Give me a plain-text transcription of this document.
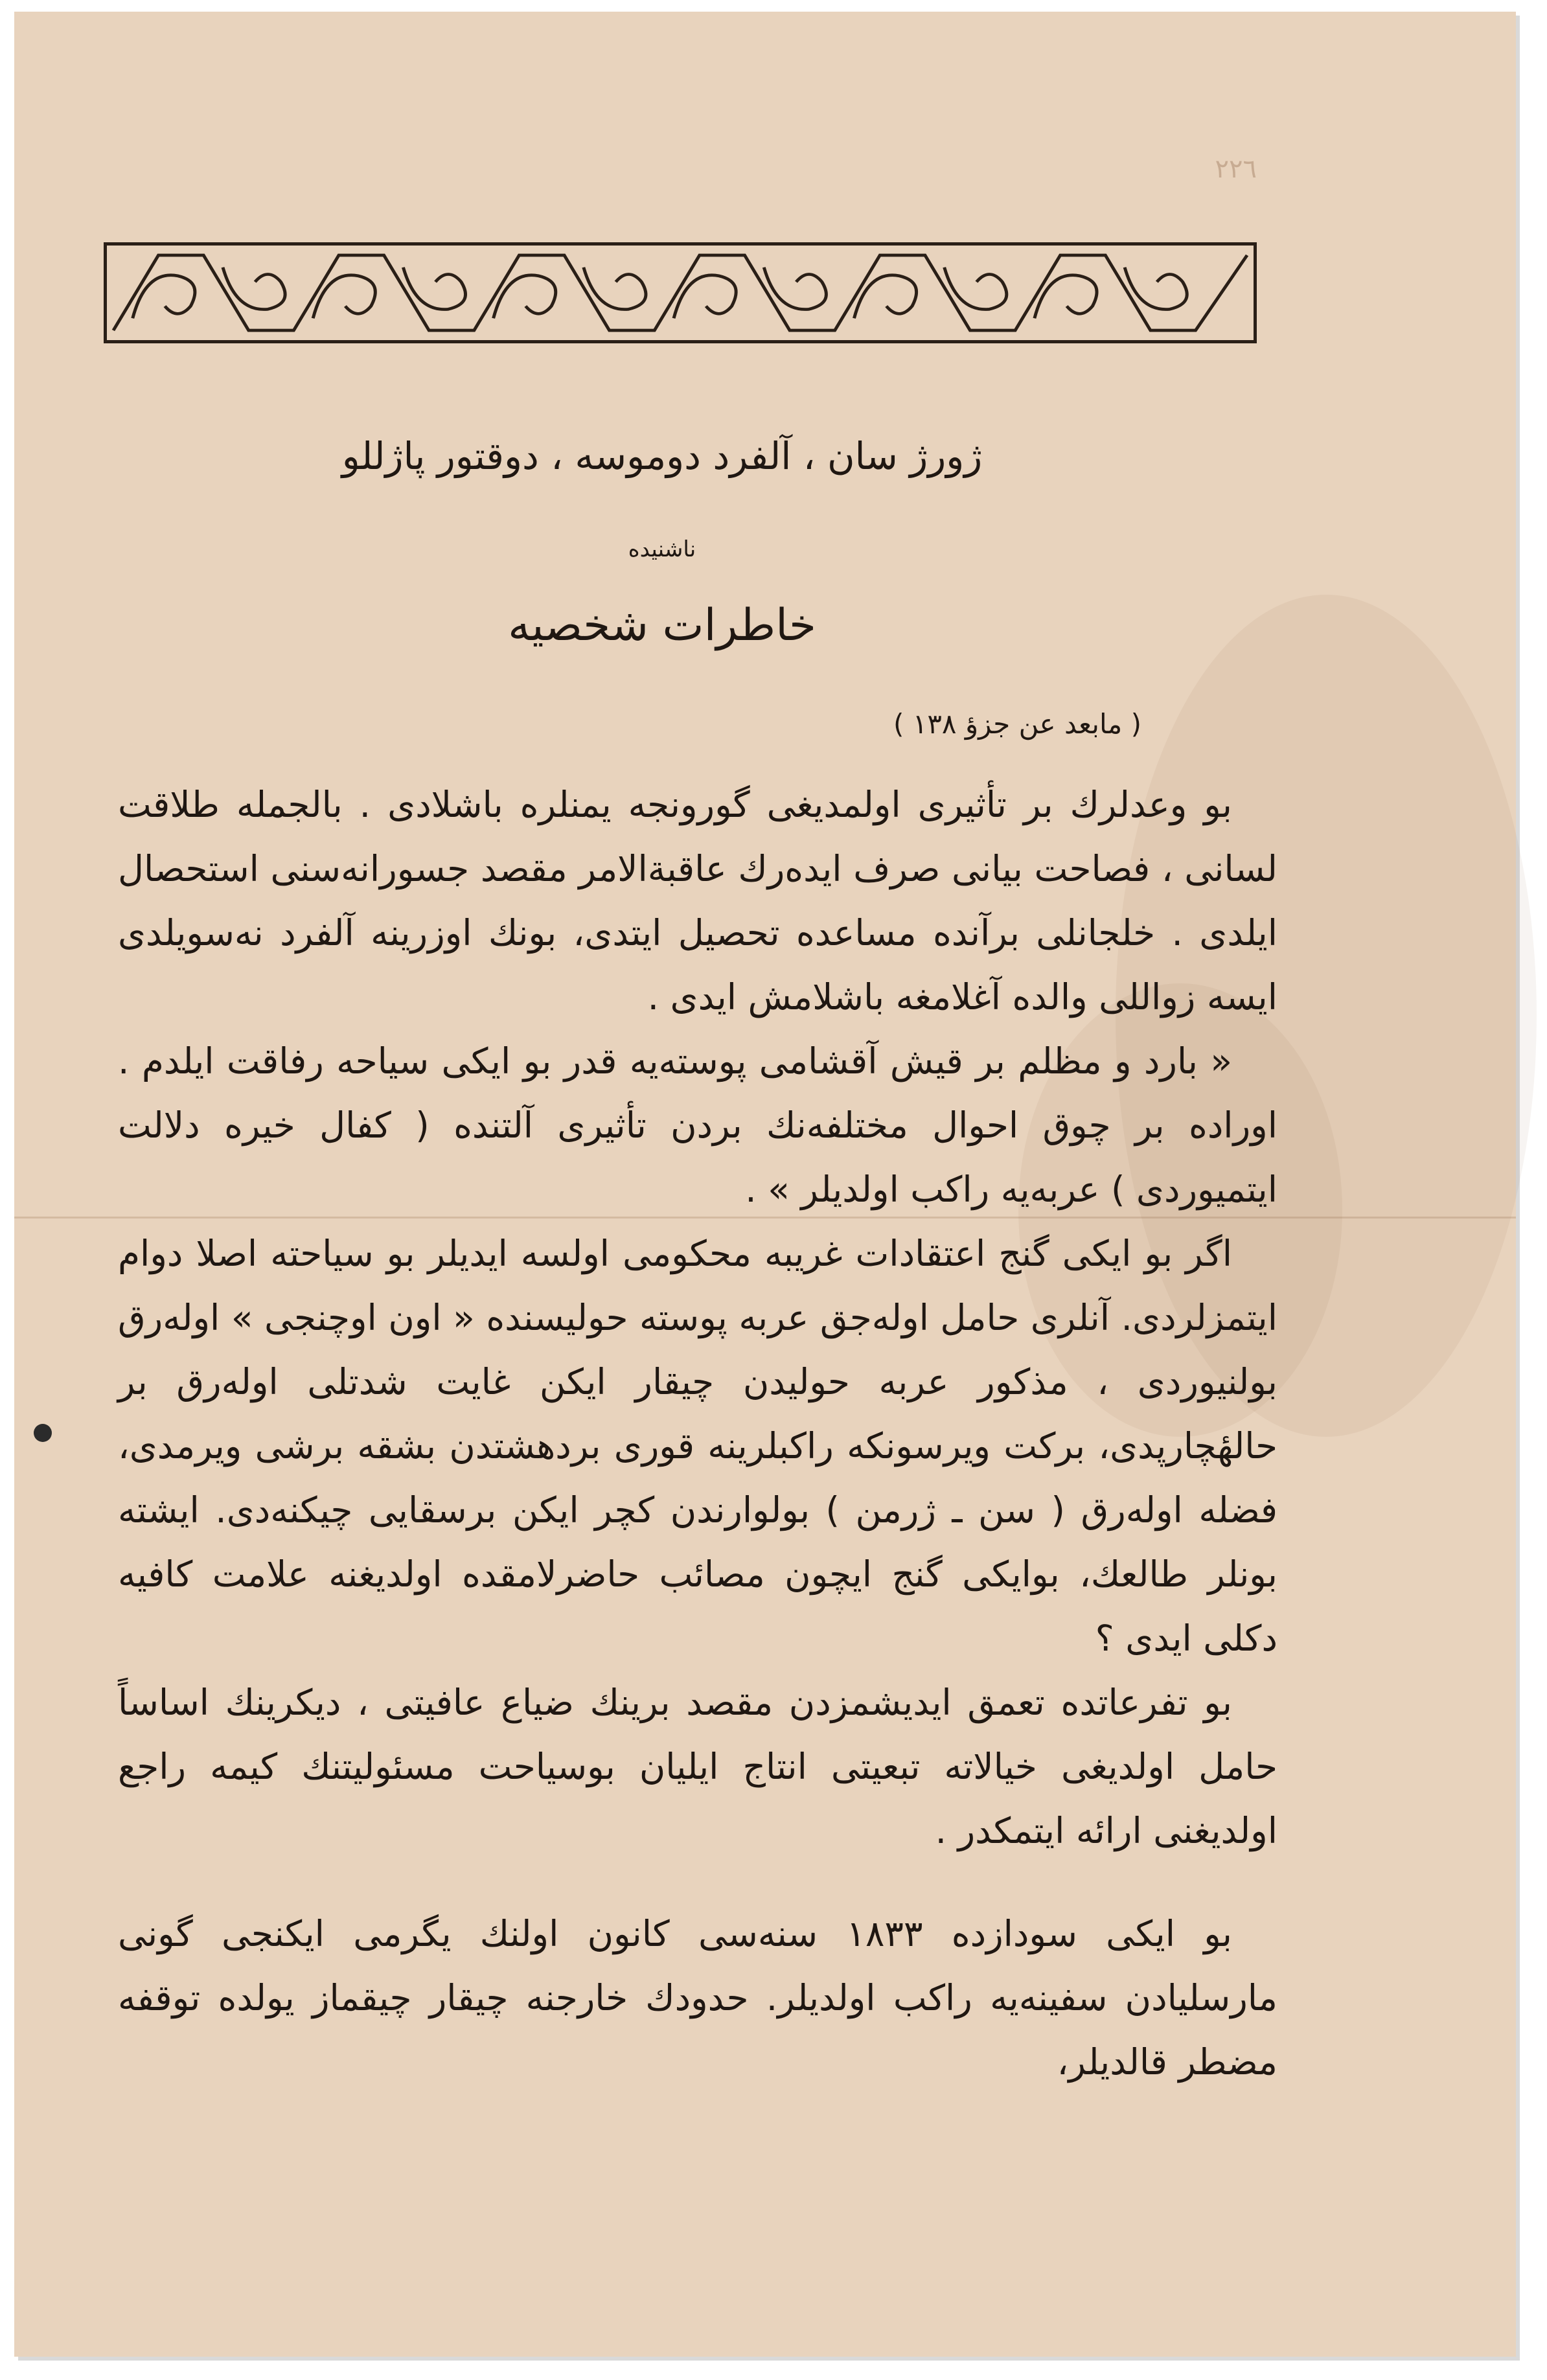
۲۲٦
ژورژ سان ، آلفرد دوموسه ، دوقتور پاژللو
ناشنیده
خاطرات شخصیه
( مابعد عن جزؤ ۱۳۸ )

بو وعدلرك بر تأثیری اولمدیغی گورونجه یمنلره باشلادی . بالجمله طلاقت لسانی ، فصاحت بیانی صرف ایدەرك عاقبةالامر مقصد جسورانەسنی استحصال ایلدی . خلجانلی برآنده مساعده تحصیل ایتدی، بونك اوزرینه آلفرد نەسویلدی ایسه زواللی والده آغلامغه باشلامش ایدی .

« بارد و مظلم بر قیش آقشامی پوستەیه قدر بو ایکی سیاحه رفاقت ایلدم . اورادە بر چوق احوال مختلفەنك بردن تأثیری آلتنده ( کفال خیره دلالت ایتمیوردی ) عربەیه راکب اولدیلر » .

اگر بو ایکی گنج اعتقادات غریبه محکومی اولسه ایدیلر بو سیاحته اصلا دوام ایتمزلردی. آنلری حامل اولەجق عربه پوسته حولیسنده « اون اوچنجی » اولەرق بولنیوردی ، مذکور عربه حولیدن چیقار ایکن غایت شدتلی اولەرق بر حالهٔچارپدی، برکت ویرسونکه راکبلرینه قوری بردهشتدن بشقه برشی ویرمدی، فضله اولەرق ( سن ـ ژرمن ) بولوارندن کچر ایکن برسقایی چیکنەدی. ایشته بونلر طالعك، بوایکی گنج ایچون مصائب حاضرلامقده اولدیغنه علامت کافیه دکلی ایدی ؟

بو تفرعاتده تعمق ایدیشمزدن مقصد برینك ضیاع عافیتی ، دیکرینك اساساً حامل اولدیغی خیالاته تبعیتی انتاج ایلیان بوسیاحت مسئولیتنك کیمه راجع اولدیغنی ارائه ایتمکدر .

بو ایکی سودازده ۱۸۳۳ سنەسی کانون اولنك یگرمی ایکنجی گونی مارسلیادن سفینەیه راکب اولدیلر. حدودك خارجنه چیقار چیقماز یولده توقفه مضطر قالدیلر،
